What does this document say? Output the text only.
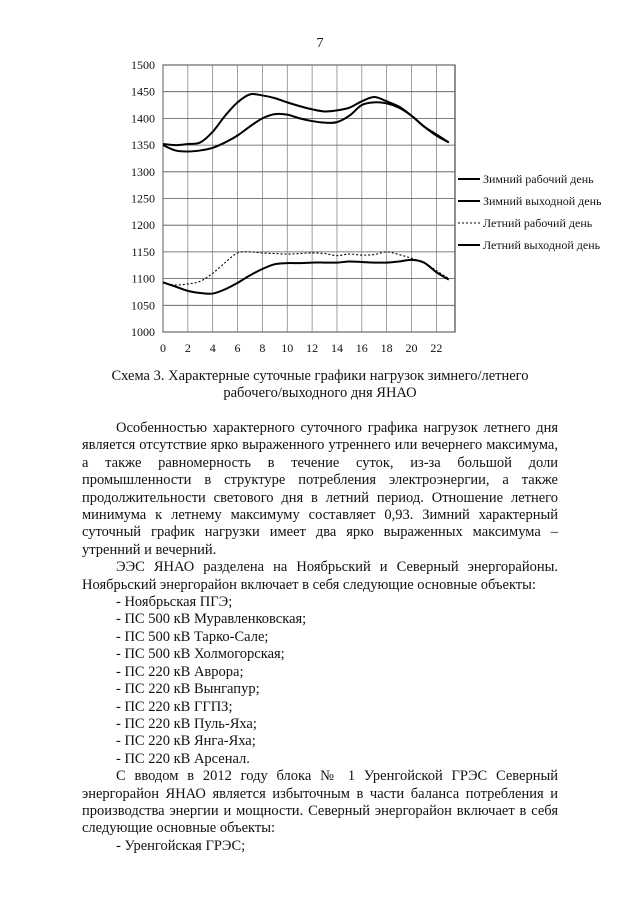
7
1000
1050
1100
1150
1200
1250
1300
1350
1400
1450
1500
0 2 4 6 8 10 12 14 16 18 20 22
Зимний рабочий день
Зимний выходной день
Летний рабочий день
Летний выходной день
Схема 3. Характерные суточные графики нагрузок зимнего/летнего
рабочего/выходного дня ЯНАО

Особенностью характерного суточного графика нагрузок летнего дня является отсутствие ярко выраженного утреннего или вечернего максимума, а также равномерность в течение суток, из-за большой доли промышленности в структуре потребления электроэнергии, а также продолжительности светового дня в летний период. Отношение летнего минимума к летнему максимуму составляет 0,93. Зимний характерный суточный график нагрузки имеет два ярко выраженных максимума – утренний и вечерний.

ЭЭС ЯНАО разделена на Ноябрьский и Северный энергорайоны. Ноябрьский энергорайон включает в себя следующие основные объекты:

- Ноябрьская ПГЭ;
- ПС 500 кВ Муравленковская;
- ПС 500 кВ Тарко-Сале;
- ПС 500 кВ Холмогорская;
- ПС 220 кВ Аврора;
- ПС 220 кВ Вынгапур;
- ПС 220 кВ ГГПЗ;
- ПС 220 кВ Пуль-Яха;
- ПС 220 кВ Янга-Яха;
- ПС 220 кВ Арсенал.

С вводом в 2012 году блока № 1 Уренгойской ГРЭС Северный энергорайон ЯНАО является избыточным в части баланса потребления и производства энергии и мощности. Северный энергорайон включает в себя следующие основные объекты:

- Уренгойская ГРЭС;
